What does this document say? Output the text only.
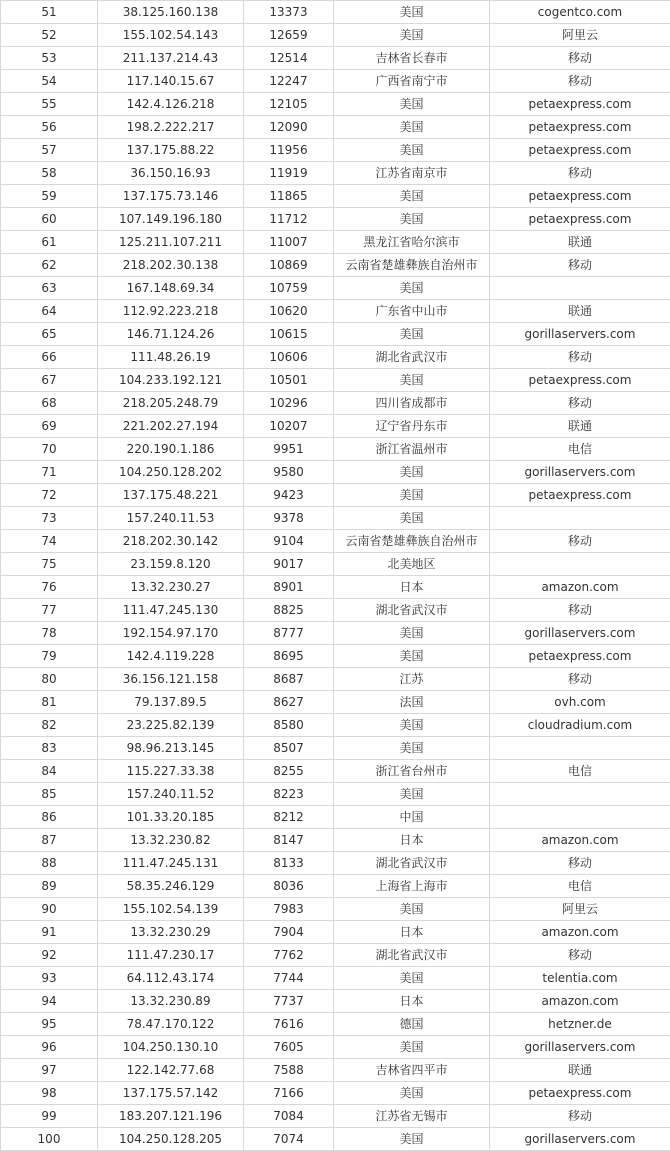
51	38.125.160.138	13373	美国	cogentco.com
52	155.102.54.143	12659	美国	阿里云
53	211.137.214.43	12514	吉林省长春市	移动
54	117.140.15.67	12247	广西省南宁市	移动
55	142.4.126.218	12105	美国	petaexpress.com
56	198.2.222.217	12090	美国	petaexpress.com
57	137.175.88.22	11956	美国	petaexpress.com
58	36.150.16.93	11919	江苏省南京市	移动
59	137.175.73.146	11865	美国	petaexpress.com
60	107.149.196.180	11712	美国	petaexpress.com
61	125.211.107.211	11007	黑龙江省哈尔滨市	联通
62	218.202.30.138	10869	云南省楚雄彝族自治州市	移动
63	167.148.69.34	10759	美国	
64	112.92.223.218	10620	广东省中山市	联通
65	146.71.124.26	10615	美国	gorillaservers.com
66	111.48.26.19	10606	湖北省武汉市	移动
67	104.233.192.121	10501	美国	petaexpress.com
68	218.205.248.79	10296	四川省成都市	移动
69	221.202.27.194	10207	辽宁省丹东市	联通
70	220.190.1.186	9951	浙江省温州市	电信
71	104.250.128.202	9580	美国	gorillaservers.com
72	137.175.48.221	9423	美国	petaexpress.com
73	157.240.11.53	9378	美国	
74	218.202.30.142	9104	云南省楚雄彝族自治州市	移动
75	23.159.8.120	9017	北美地区	
76	13.32.230.27	8901	日本	amazon.com
77	111.47.245.130	8825	湖北省武汉市	移动
78	192.154.97.170	8777	美国	gorillaservers.com
79	142.4.119.228	8695	美国	petaexpress.com
80	36.156.121.158	8687	江苏	移动
81	79.137.89.5	8627	法国	ovh.com
82	23.225.82.139	8580	美国	cloudradium.com
83	98.96.213.145	8507	美国	
84	115.227.33.38	8255	浙江省台州市	电信
85	157.240.11.52	8223	美国	
86	101.33.20.185	8212	中国	
87	13.32.230.82	8147	日本	amazon.com
88	111.47.245.131	8133	湖北省武汉市	移动
89	58.35.246.129	8036	上海省上海市	电信
90	155.102.54.139	7983	美国	阿里云
91	13.32.230.29	7904	日本	amazon.com
92	111.47.230.17	7762	湖北省武汉市	移动
93	64.112.43.174	7744	美国	telentia.com
94	13.32.230.89	7737	日本	amazon.com
95	78.47.170.122	7616	德国	hetzner.de
96	104.250.130.10	7605	美国	gorillaservers.com
97	122.142.77.68	7588	吉林省四平市	联通
98	137.175.57.142	7166	美国	petaexpress.com
99	183.207.121.196	7084	江苏省无锡市	移动
100	104.250.128.205	7074	美国	gorillaservers.com
